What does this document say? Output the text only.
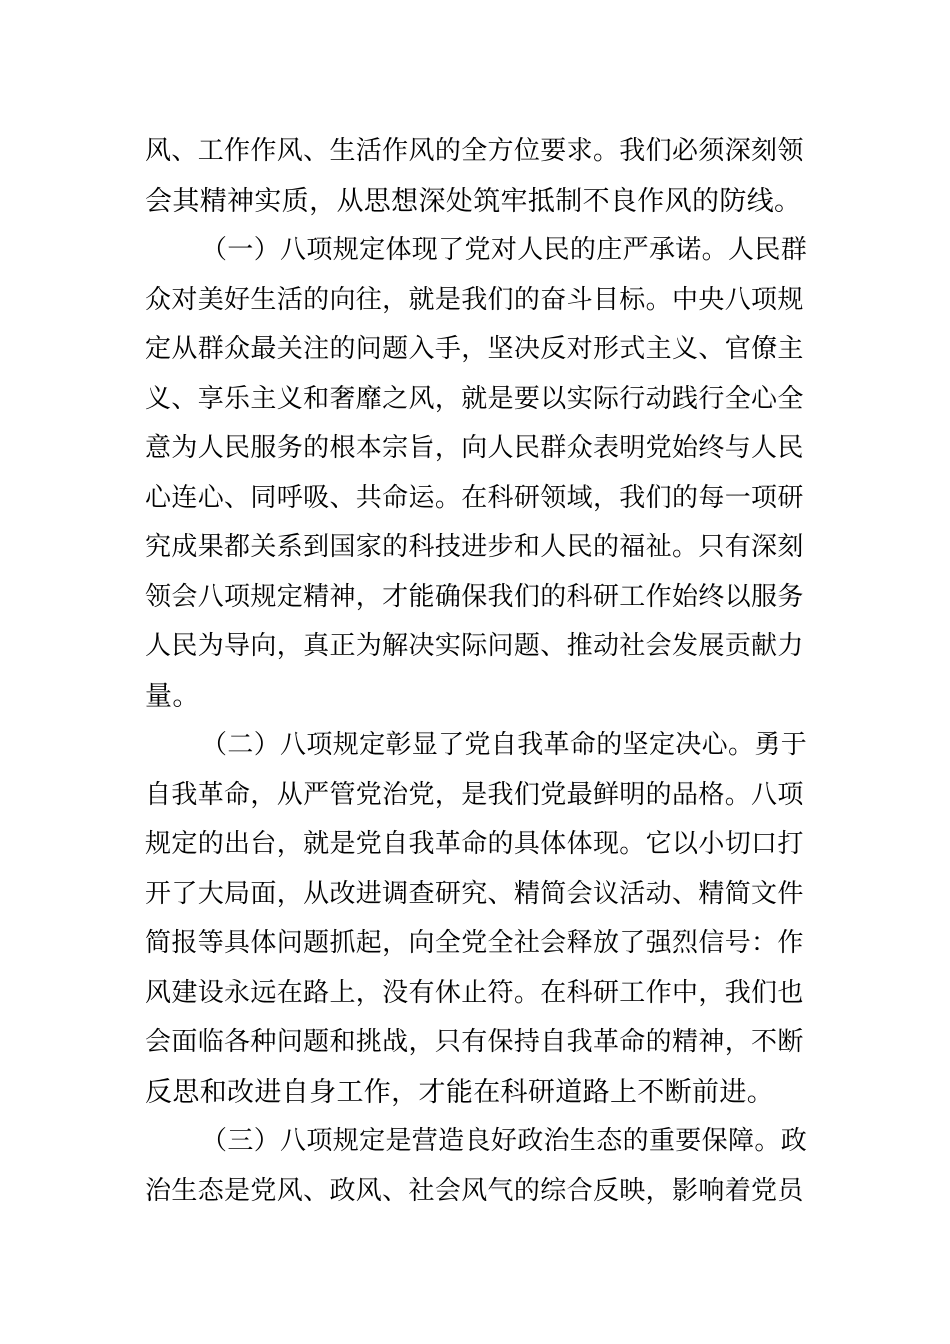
风、工作作风、生活作风的全方位要求。我们必须深刻领
会其精神实质，从思想深处筑牢抵制不良作风的防线。
（一）八项规定体现了党对人民的庄严承诺。人民群
众对美好生活的向往，就是我们的奋斗目标。中央八项规
定从群众最关注的问题入手，坚决反对形式主义、官僚主
义、享乐主义和奢靡之风，就是要以实际行动践行全心全
意为人民服务的根本宗旨，向人民群众表明党始终与人民
心连心、同呼吸、共命运。在科研领域，我们的每一项研
究成果都关系到国家的科技进步和人民的福祉。只有深刻
领会八项规定精神，才能确保我们的科研工作始终以服务
人民为导向，真正为解决实际问题、推动社会发展贡献力
量。
（二）八项规定彰显了党自我革命的坚定决心。勇于
自我革命，从严管党治党，是我们党最鲜明的品格。八项
规定的出台，就是党自我革命的具体体现。它以小切口打
开了大局面，从改进调查研究、精简会议活动、精简文件
简报等具体问题抓起，向全党全社会释放了强烈信号：作
风建设永远在路上，没有休止符。在科研工作中，我们也
会面临各种问题和挑战，只有保持自我革命的精神，不断
反思和改进自身工作，才能在科研道路上不断前进。
（三）八项规定是营造良好政治生态的重要保障。政
治生态是党风、政风、社会风气的综合反映，影响着党员
